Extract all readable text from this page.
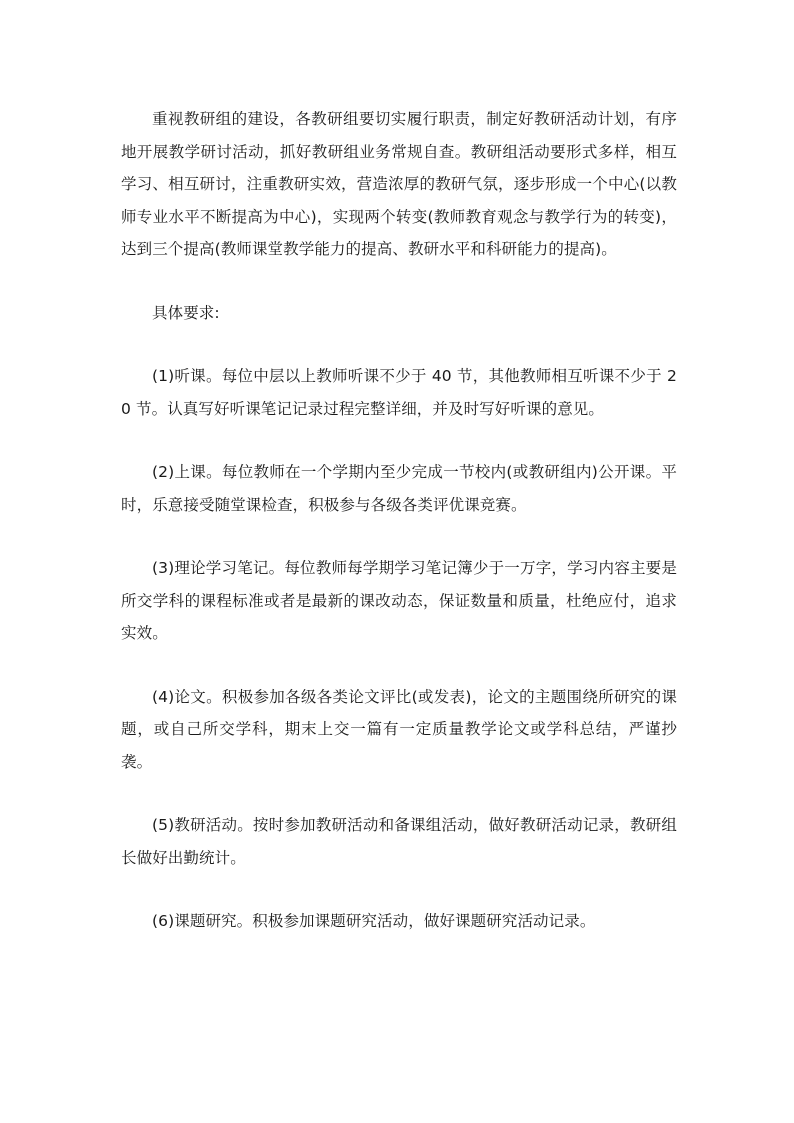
重视教研组的建设，各教研组要切实履行职责，制定好教研活动计划，有序地开展教学研讨活动，抓好教研组业务常规自查。教研组活动要形式多样，相互学习、相互研讨，注重教研实效，营造浓厚的教研气氛，逐步形成一个中心(以教师专业水平不断提高为中心)，实现两个转变(教师教育观念与教学行为的转变)，达到三个提高(教师课堂教学能力的提高、教研水平和科研能力的提高)。

具体要求:

(1)听课。每位中层以上教师听课不少于 40 节，其他教师相互听课不少于 20 节。认真写好听课笔记记录过程完整详细，并及时写好听课的意见。

(2)上课。每位教师在一个学期内至少完成一节校内(或教研组内)公开课。平时，乐意接受随堂课检查，积极参与各级各类评优课竞赛。

(3)理论学习笔记。每位教师每学期学习笔记簿少于一万字，学习内容主要是所交学科的课程标准或者是最新的课改动态，保证数量和质量，杜绝应付，追求实效。

(4)论文。积极参加各级各类论文评比(或发表)，论文的主题围绕所研究的课题，或自己所交学科，期末上交一篇有一定质量教学论文或学科总结，严谨抄袭。

(5)教研活动。按时参加教研活动和备课组活动，做好教研活动记录，教研组长做好出勤统计。

(6)课题研究。积极参加课题研究活动，做好课题研究活动记录。
